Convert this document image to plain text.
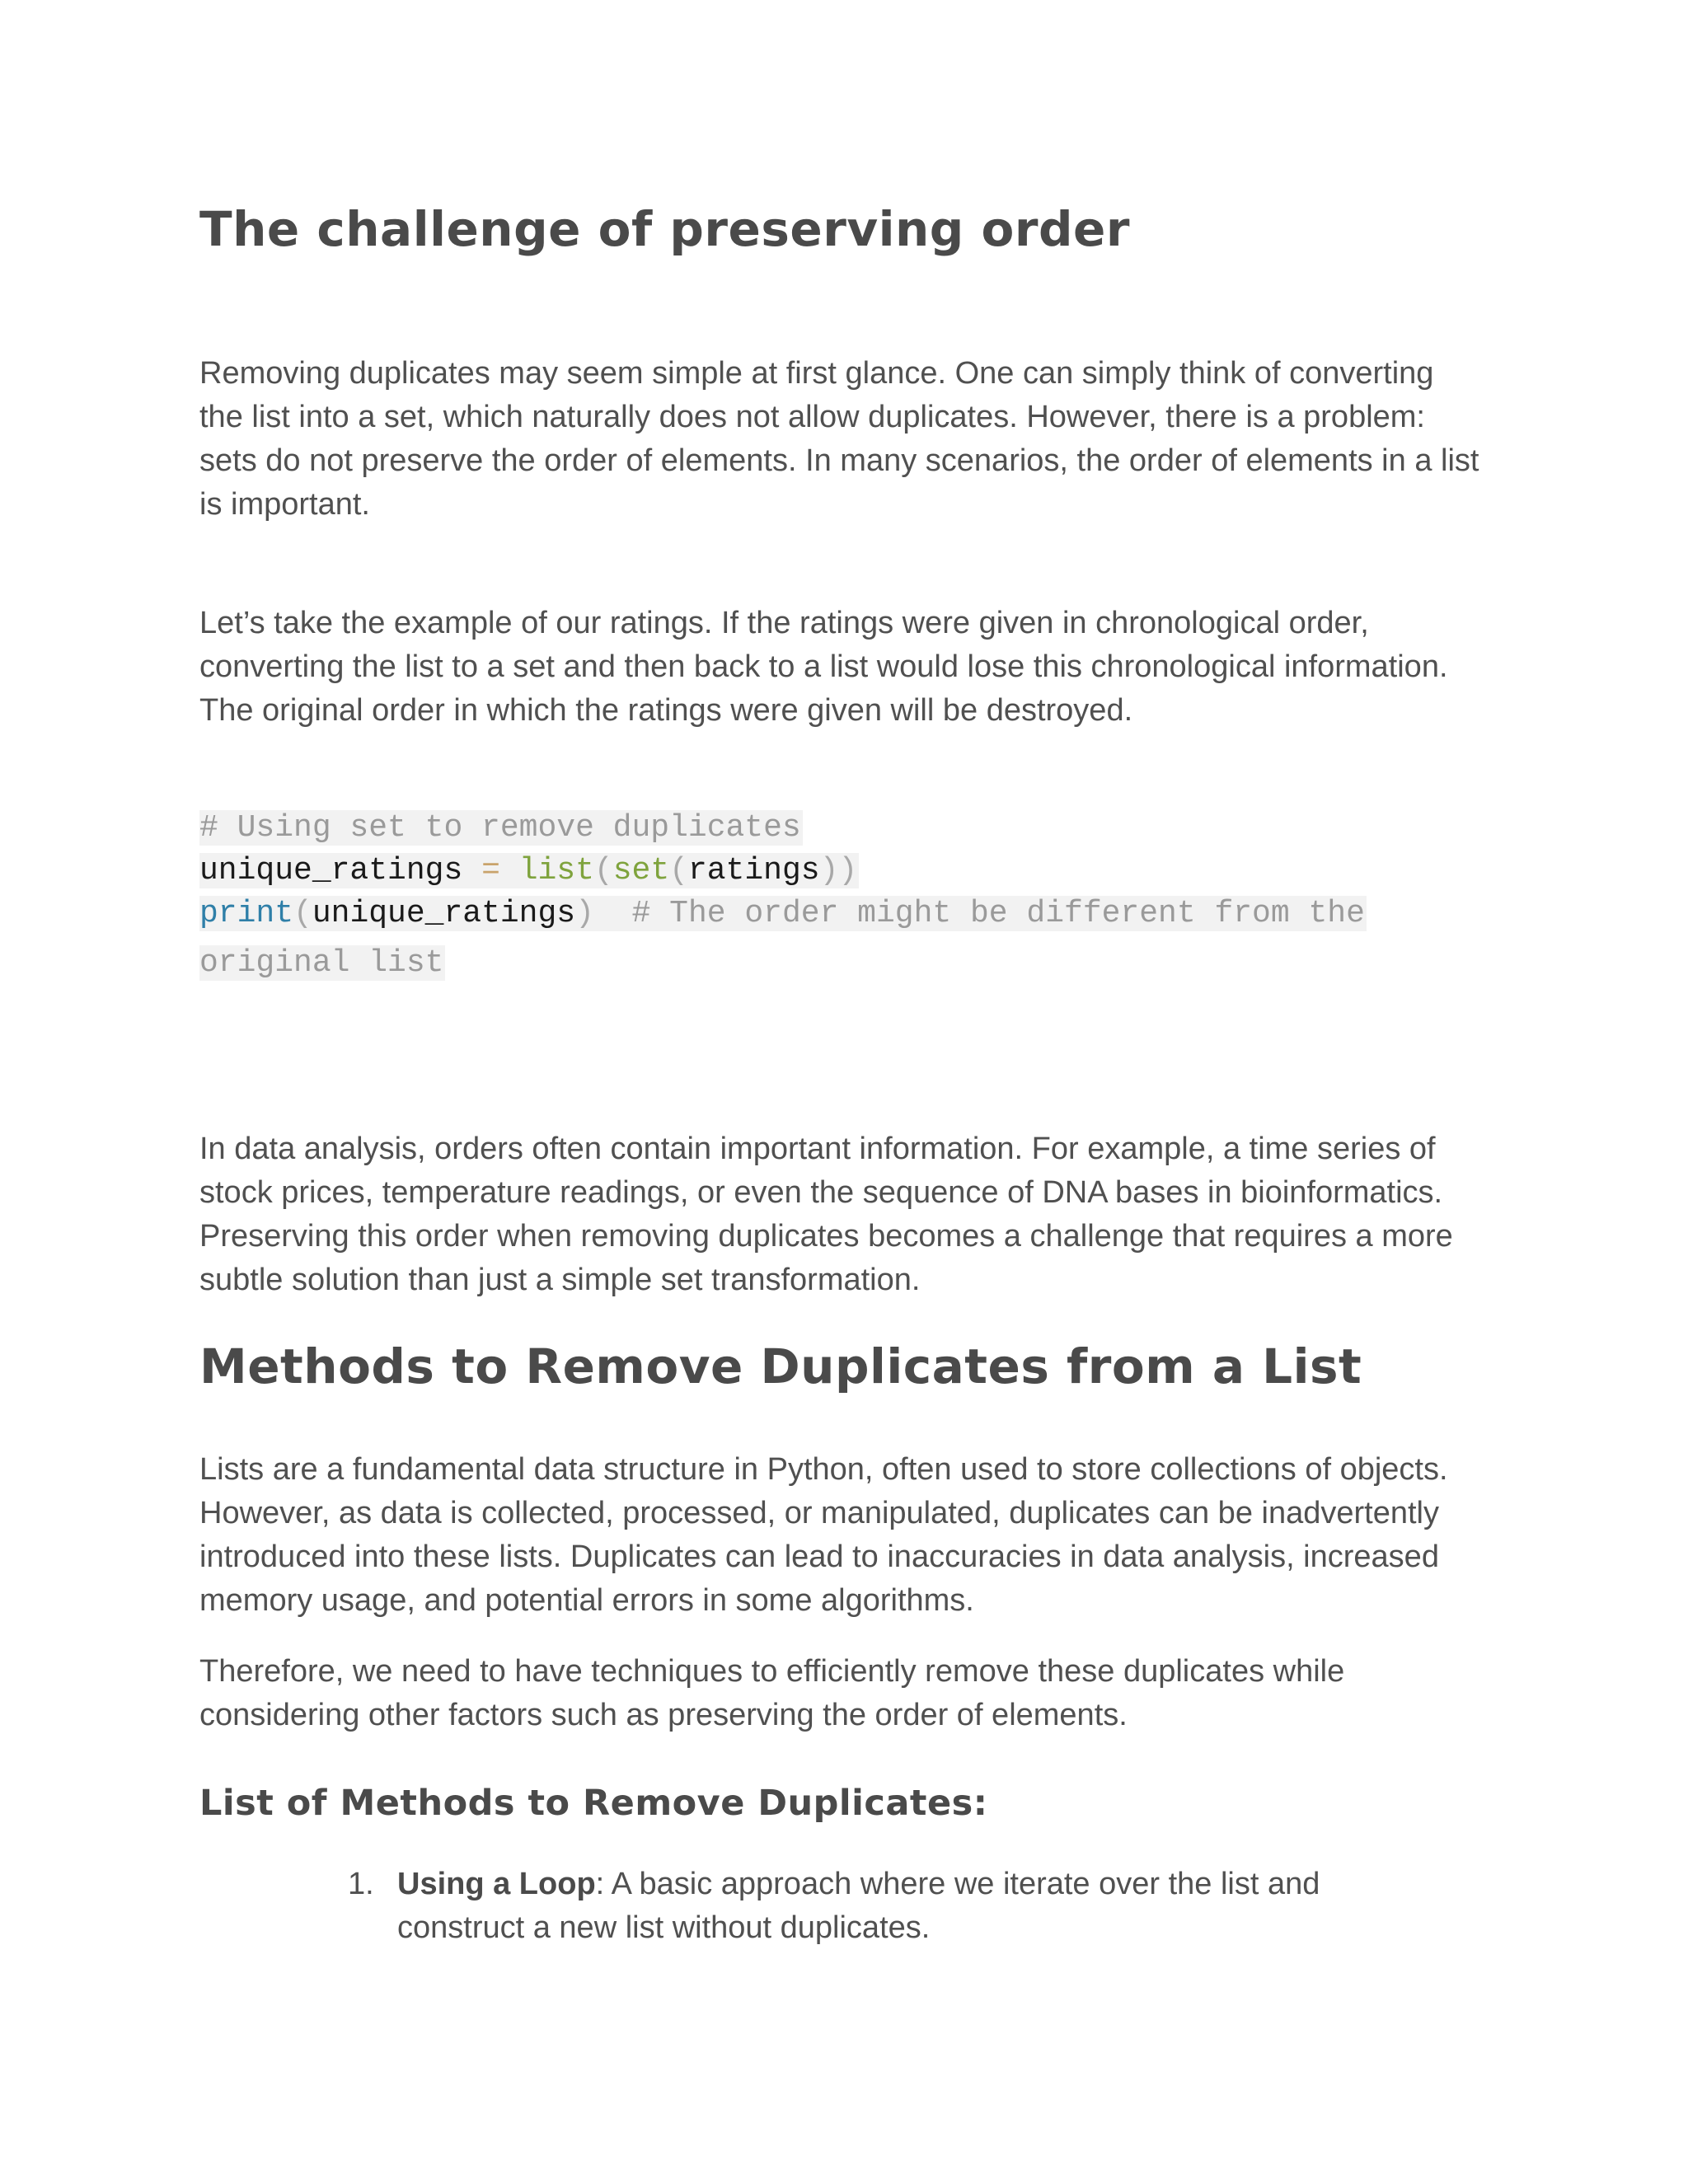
The challenge of preserving order

Removing duplicates may seem simple at first glance. One can simply think of converting the list into a set, which naturally does not allow duplicates. However, there is a problem: sets do not preserve the order of elements. In many scenarios, the order of elements in a list is important.

Let’s take the example of our ratings. If the ratings were given in chronological order, converting the list to a set and then back to a list would lose this chronological information. The original order in which the ratings were given will be destroyed.

# Using set to remove duplicates
unique_ratings = list(set(ratings))
print(unique_ratings)  # The order might be different from the
original list

In data analysis, orders often contain important information. For example, a time series of stock prices, temperature readings, or even the sequence of DNA bases in bioinformatics. Preserving this order when removing duplicates becomes a challenge that requires a more subtle solution than just a simple set transformation.

Methods to Remove Duplicates from a List

Lists are a fundamental data structure in Python, often used to store collections of objects. However, as data is collected, processed, or manipulated, duplicates can be inadvertently introduced into these lists. Duplicates can lead to inaccuracies in data analysis, increased memory usage, and potential errors in some algorithms.

Therefore, we need to have techniques to efficiently remove these duplicates while considering other factors such as preserving the order of elements.

List of Methods to Remove Duplicates:
1. Using a Loop: A basic approach where we iterate over the list and construct a new list without duplicates.
